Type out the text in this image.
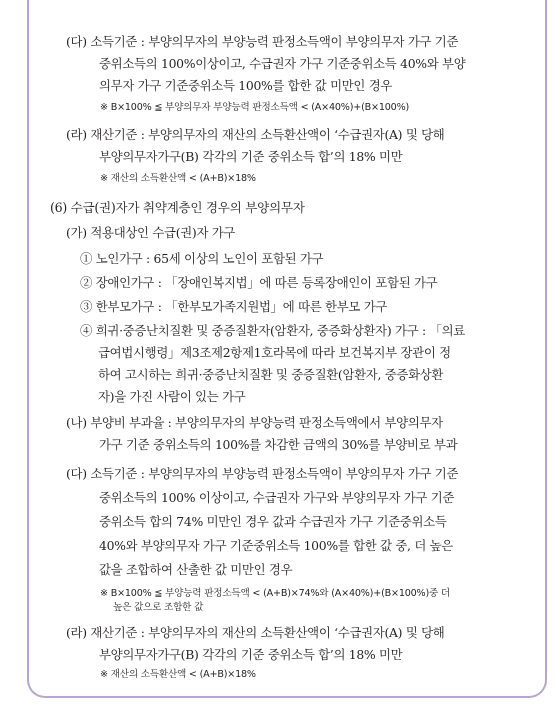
(다) 소득기준 : 부양의무자의 부양능력 판정소득액이 부양의무자 가구 기준
중위소득의 100%이상이고, 수급권자 가구 기준중위소득 40%와 부양
의무자 가구 기준중위소득 100%를 합한 값 미만인 경우
※ B×100% ≦ 부양의무자 부양능력 판정소득액 < (A×40%)+(B×100%)
(라) 재산기준 : 부양의무자의 재산의 소득환산액이 ‘수급권자(A) 및 당해
부양의무자가구(B) 각각의 기준 중위소득 합’의 18% 미만
※ 재산의 소득환산액 < (A+B)×18%
(6) 수급(권)자가 취약계층인 경우의 부양의무자
(가) 적용대상인 수급(권)자 가구
① 노인가구 : 65세 이상의 노인이 포함된 가구
② 장애인가구 : 「장애인복지법」에 따른 등록장애인이 포함된 가구
③ 한부모가구 : 「한부모가족지원법」에 따른 한부모 가구
④ 희귀·중증난치질환 및 중증질환자(암환자, 중증화상환자) 가구 : 「의료
급여법시행령」제3조제2항제1호라목에 따라 보건복지부 장관이 정
하여 고시하는 희귀·중증난치질환 및 중증질환(암환자, 중증화상환
자)을 가진 사람이 있는 가구
(나) 부양비 부과율 : 부양의무자의 부양능력 판정소득액에서 부양의무자
가구 기준 중위소득의 100%를 차감한 금액의 30%를 부양비로 부과
(다) 소득기준 : 부양의무자의 부양능력 판정소득액이 부양의무자 가구 기준
중위소득의 100% 이상이고, 수급권자 가구와 부양의무자 가구 기준
중위소득 합의 74% 미만인 경우 값과 수급권자 가구 기준중위소득
40%와 부양의무자 가구 기준중위소득 100%를 합한 값 중, 더 높은
값을 조합하여 산출한 값 미만인 경우
※ B×100% ≦ 부양능력 판정소득액 < (A+B)×74%와 (A×40%)+(B×100%)중 더
높은 값으로 조합한 값
(라) 재산기준 : 부양의무자의 재산의 소득환산액이 ‘수급권자(A) 및 당해
부양의무자가구(B) 각각의 기준 중위소득 합’의 18% 미만
※ 재산의 소득환산액 < (A+B)×18%
